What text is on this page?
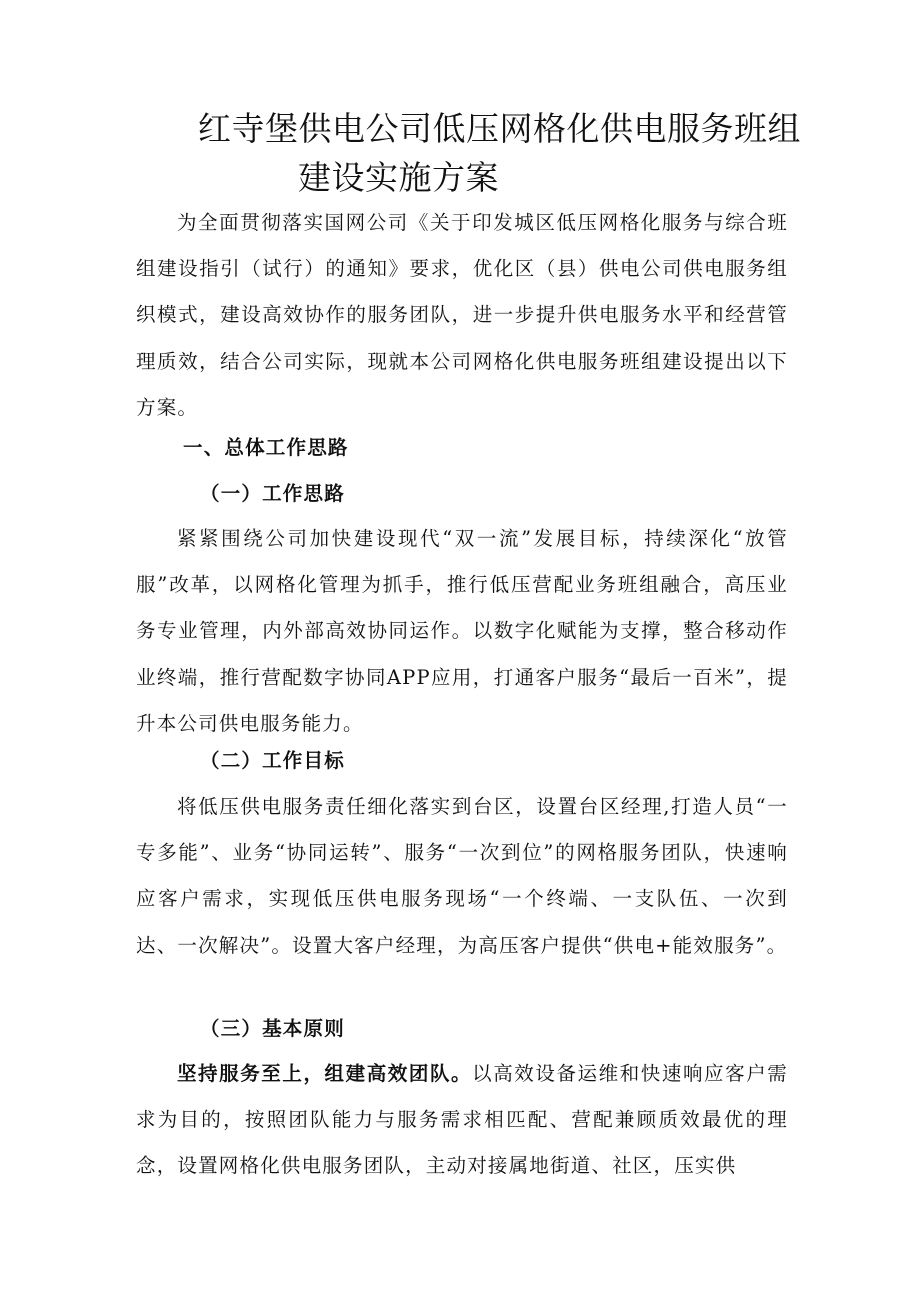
红寺堡供电公司低压网格化供电服务班组
建设实施方案

为全面贯彻落实国网公司《关于印发城区低压网格化服务与综合班组建设指引（试行）的通知》要求，优化区（县）供电公司供电服务组织模式，建设高效协作的服务团队，进一步提升供电服务水平和经营管理质效，结合公司实际，现就本公司网格化供电服务班组建设提出以下方案。

一、总体工作思路

（一）工作思路

紧紧围绕公司加快建设现代“双一流”发展目标，持续深化“放管服”改革，以网格化管理为抓手，推行低压营配业务班组融合，高压业务专业管理，内外部高效协同运作。以数字化赋能为支撑，整合移动作业终端，推行营配数字协同APP应用，打通客户服务“最后一百米”，提升本公司供电服务能力。

（二）工作目标

将低压供电服务责任细化落实到台区，设置台区经理,打造人员“一专多能”、业务“协同运转”、服务“一次到位”的网格服务团队，快速响应客户需求，实现低压供电服务现场“一个终端、一支队伍、一次到达、一次解决”。设置大客户经理，为高压客户提供“供电+能效服务”。

（三）基本原则

坚持服务至上，组建高效团队。以高效设备运维和快速响应客户需求为目的，按照团队能力与服务需求相匹配、营配兼顾质效最优的理念，设置网格化供电服务团队，主动对接属地街道、社区，压实供
